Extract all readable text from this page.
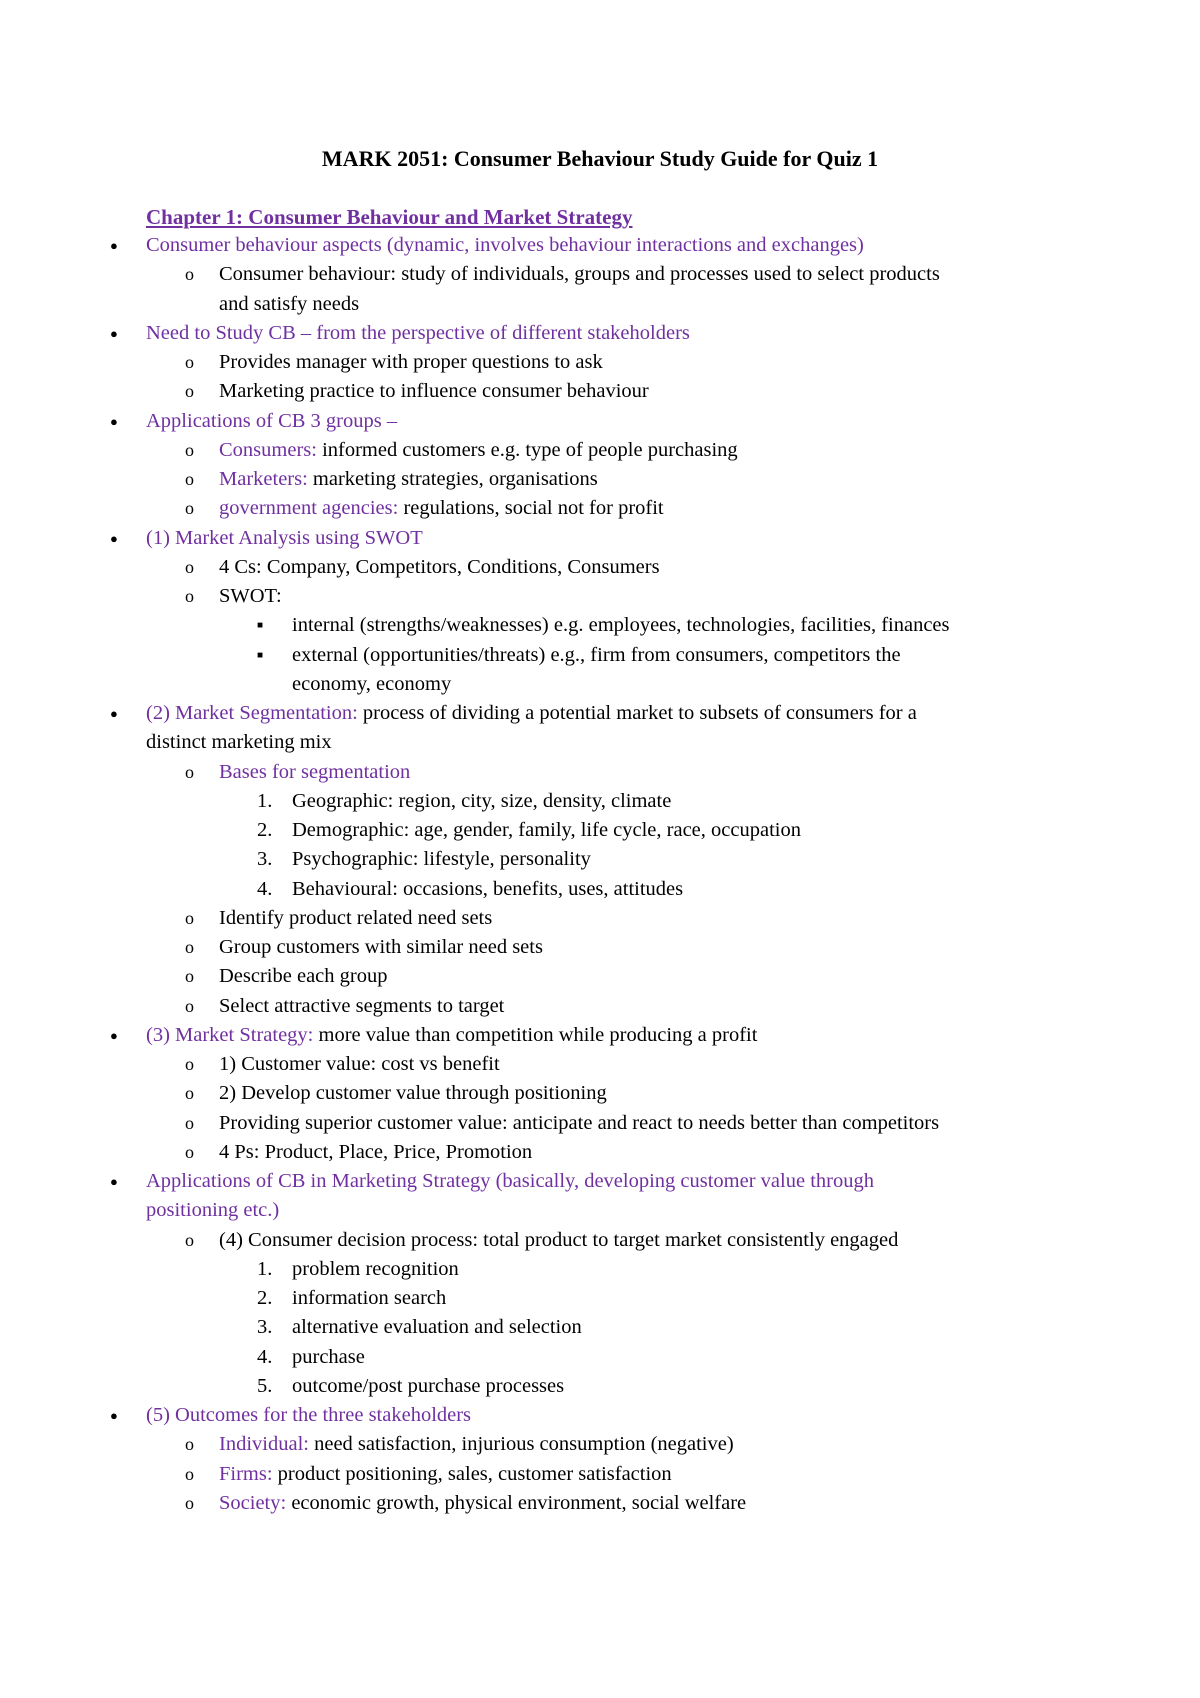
MARK 2051: Consumer Behaviour Study Guide for Quiz 1
Chapter 1: Consumer Behaviour and Market Strategy
● Consumer behaviour aspects (dynamic, involves behaviour interactions and exchanges)
o Consumer behaviour: study of individuals, groups and processes used to select products
and satisfy needs
● Need to Study CB – from the perspective of different stakeholders
o Provides manager with proper questions to ask
o Marketing practice to influence consumer behaviour
● Applications of CB 3 groups –
o Consumers: informed customers e.g. type of people purchasing
o Marketers: marketing strategies, organisations
o government agencies: regulations, social not for profit
● (1) Market Analysis using SWOT
o 4 Cs: Company, Competitors, Conditions, Consumers
o SWOT:
■ internal (strengths/weaknesses) e.g. employees, technologies, facilities, finances
■ external (opportunities/threats) e.g., firm from consumers, competitors the
economy, economy
● (2) Market Segmentation: process of dividing a potential market to subsets of consumers for a
distinct marketing mix
o Bases for segmentation
1. Geographic: region, city, size, density, climate
2. Demographic: age, gender, family, life cycle, race, occupation
3. Psychographic: lifestyle, personality
4. Behavioural: occasions, benefits, uses, attitudes
o Identify product related need sets
o Group customers with similar need sets
o Describe each group
o Select attractive segments to target
● (3) Market Strategy: more value than competition while producing a profit
o 1) Customer value: cost vs benefit
o 2) Develop customer value through positioning
o Providing superior customer value: anticipate and react to needs better than competitors
o 4 Ps: Product, Place, Price, Promotion
● Applications of CB in Marketing Strategy (basically, developing customer value through
positioning etc.)
o (4) Consumer decision process: total product to target market consistently engaged
1. problem recognition
2. information search
3. alternative evaluation and selection
4. purchase
5. outcome/post purchase processes
● (5) Outcomes for the three stakeholders
o Individual: need satisfaction, injurious consumption (negative)
o Firms: product positioning, sales, customer satisfaction
o Society: economic growth, physical environment, social welfare
